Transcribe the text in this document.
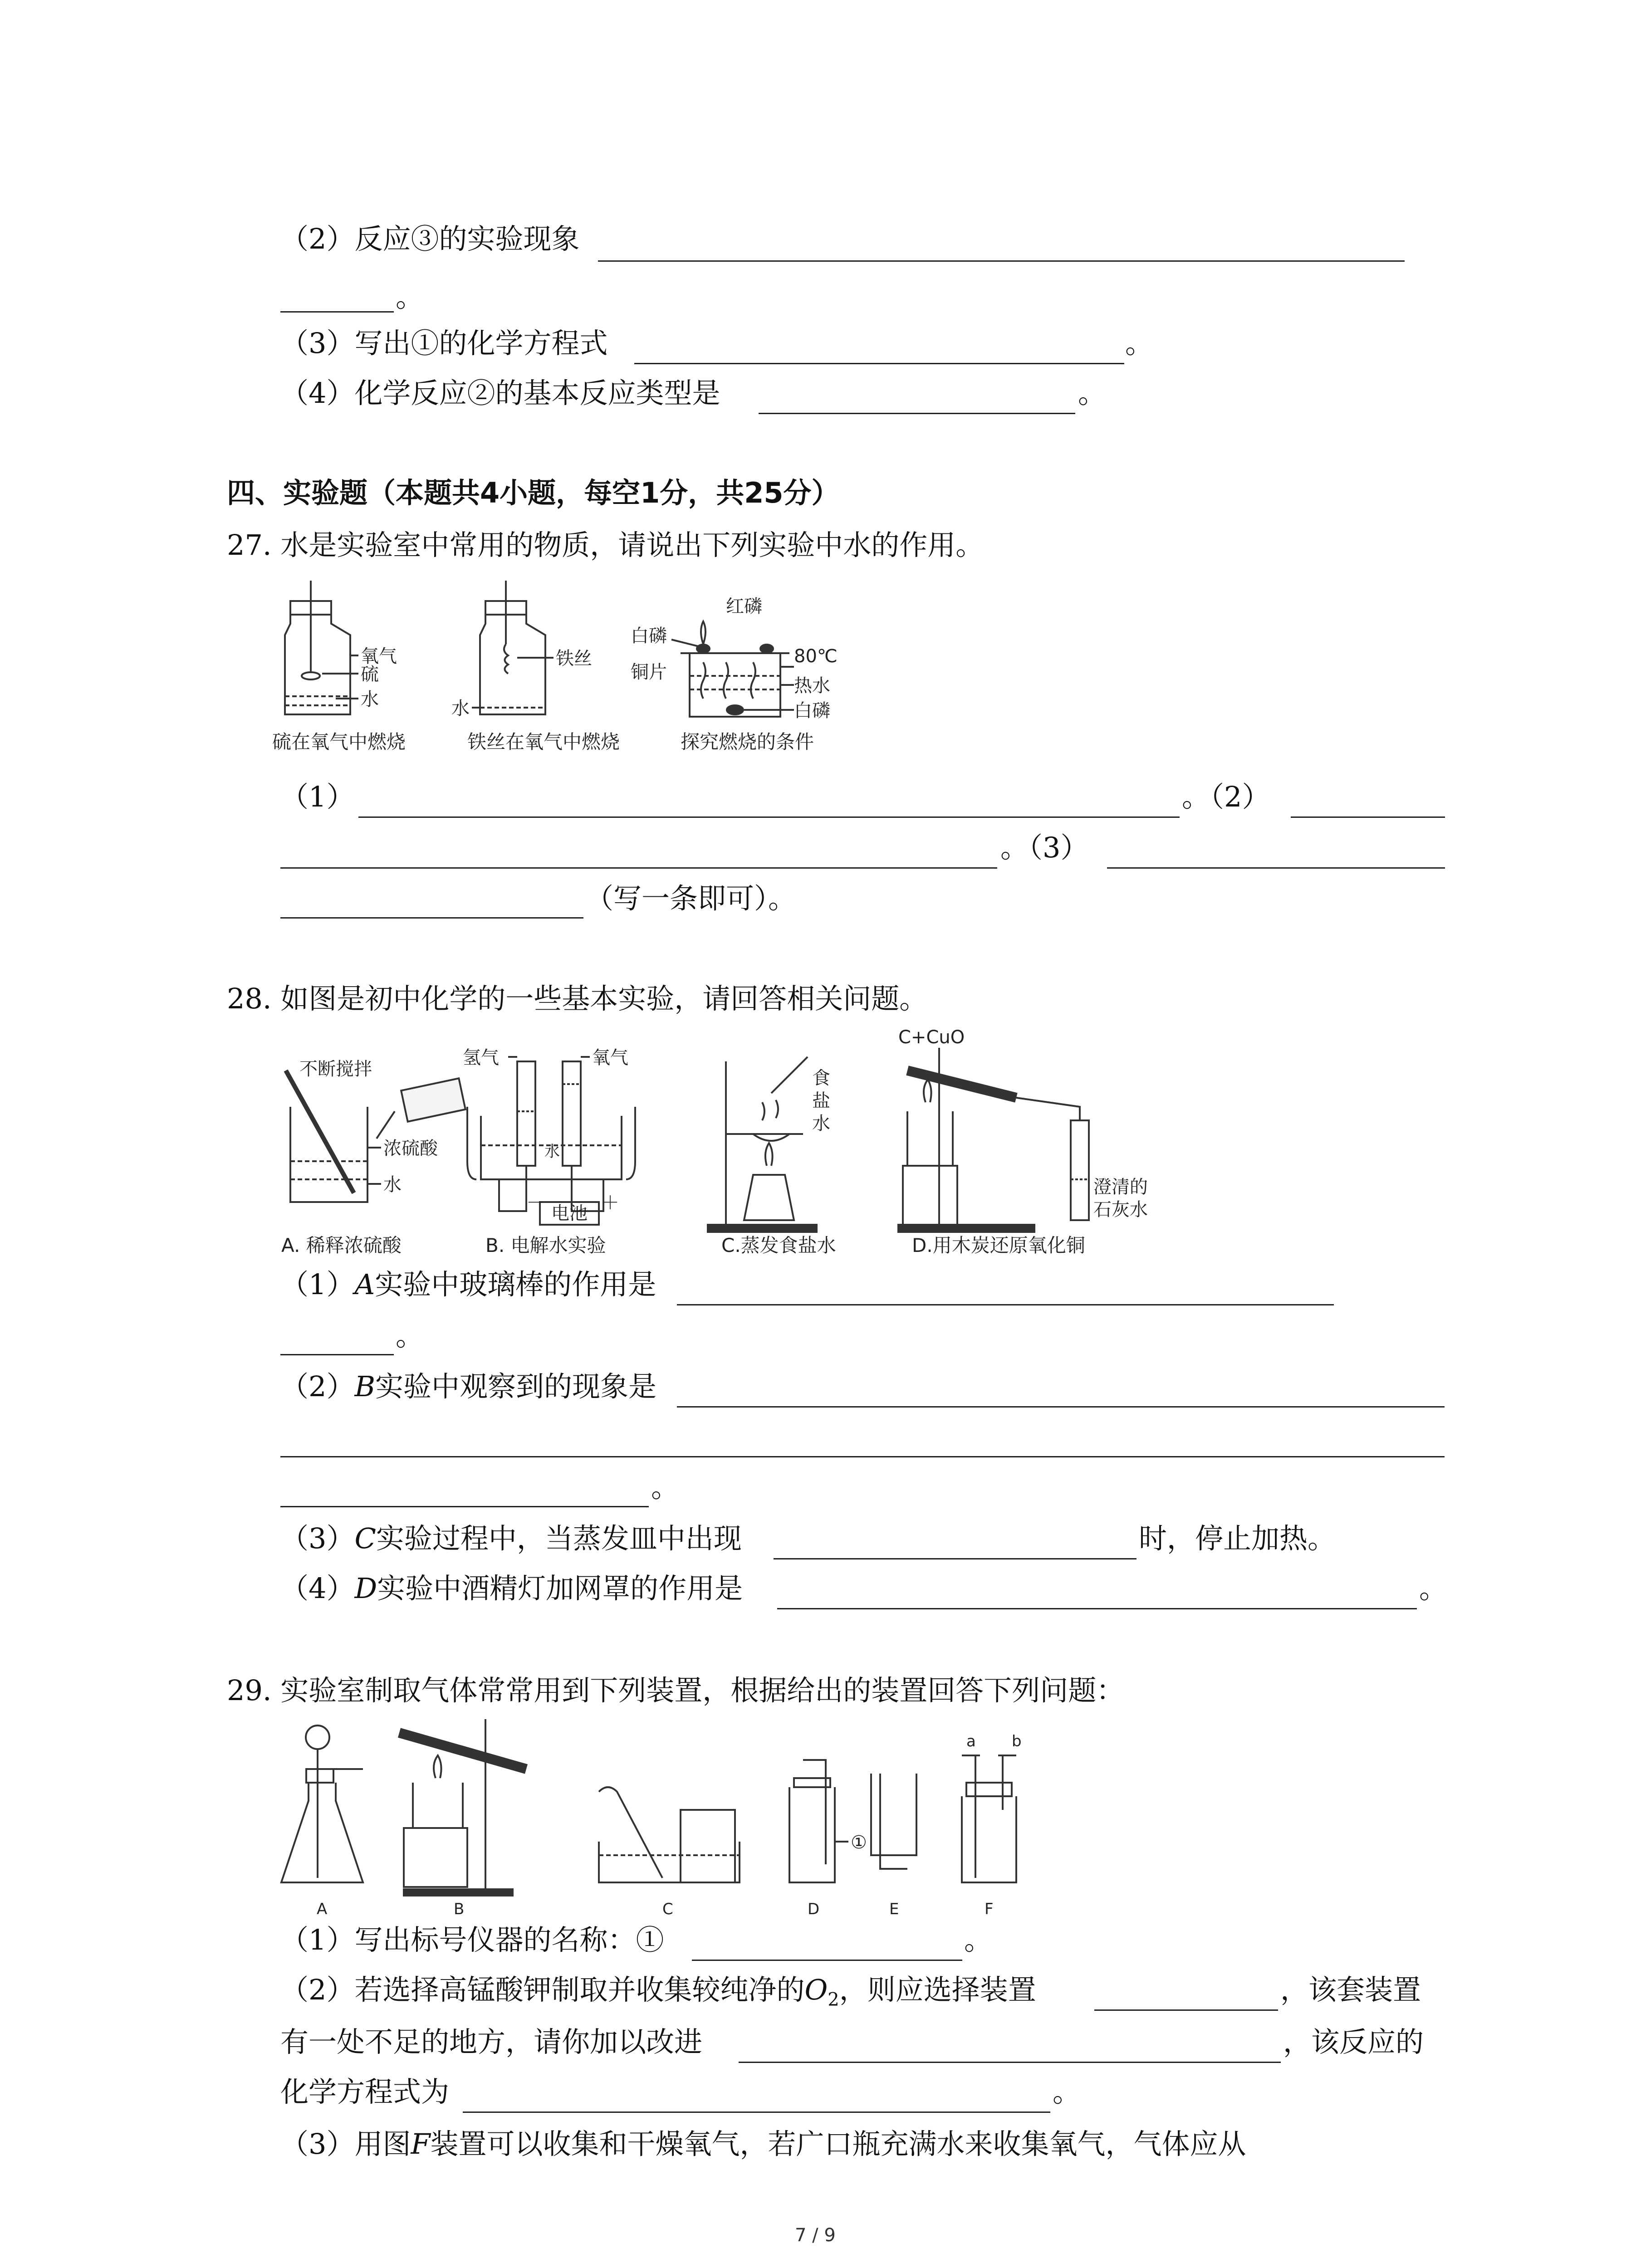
（2）反应③的实验现象
。
（3）写出①的化学方程式	。
（4）化学反应②的基本反应类型是	。
四、实验题（本题共4小题，每空1分，共25分）
27. 水是实验室中常用的物质，请说出下列实验中水的作用。
氧气
硫
水
硫在氧气中燃烧
铁丝
水
铁丝在氧气中燃烧
红磷
白磷
铜片
80℃
热水
白磷
探究燃烧的条件
（1）	。（2）
。（3）
（写一条即可）。
28. 如图是初中化学的一些基本实验，请回答相关问题。
不断搅拌
浓硫酸
水
A. 稀释浓硫酸
氢气	氧气
水
电池
－	＋
B. 电解水实验
食
盐
水
C.蒸发食盐水
C+CuO
澄清的
石灰水
D.用木炭还原氧化铜
（1）A实验中玻璃棒的作用是
。
（2）B实验中观察到的现象是
。
（3）C实验过程中，当蒸发皿中出现	时，停止加热。
（4）D实验中酒精灯加网罩的作用是	。
29. 实验室制取气体常常用到下列装置，根据给出的装置回答下列问题：
A	B	C	D	E	F
①
a b
（1）写出标号仪器的名称：①	。
（2）若选择高锰酸钾制取并收集较纯净的$O_2$，则应选择装置	，该套装置
有一处不足的地方，请你加以改进	，该反应的
化学方程式为	。
（3）用图F装置可以收集和干燥氧气，若广口瓶充满水来收集氧气，气体应从
7 / 9
